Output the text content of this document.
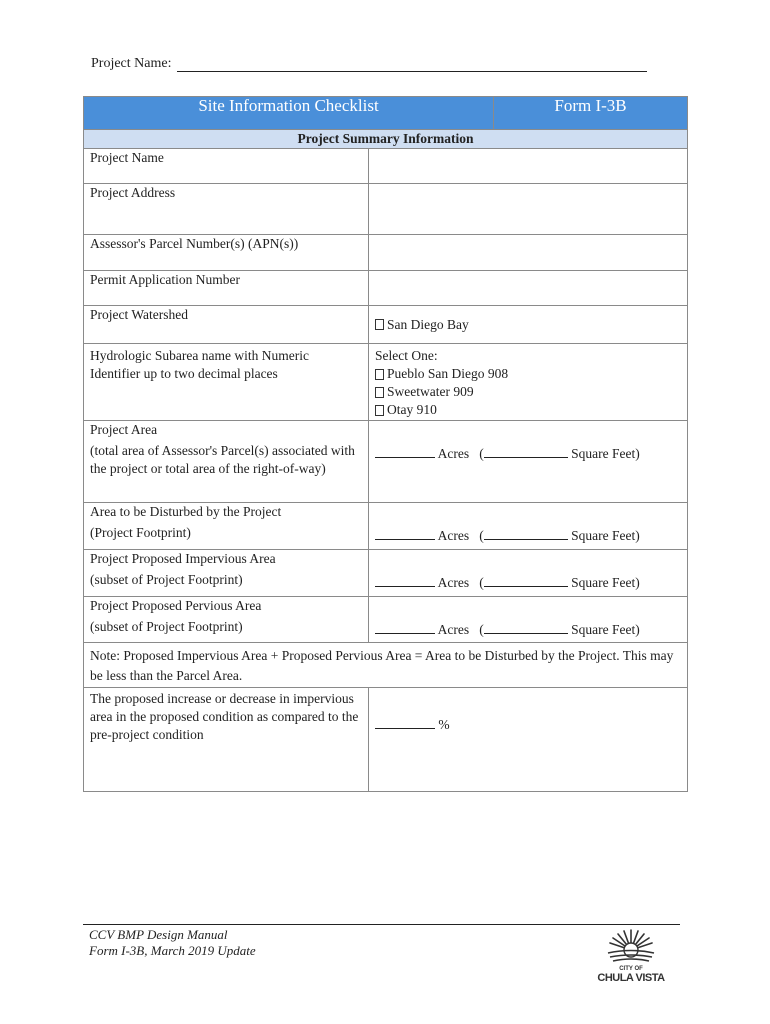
Project Name:
Site Information Checklist		Form I-3B
Project Summary Information		
Project Name		
Project Address		
Assessor's Parcel Number(s) (APN(s))		
Permit Application Number		
Project Watershed	San Diego Bay	

Hydrologic Subarea name with Numeric Identifier up to two decimal places	Select One:
Pueblo San Diego 908
Sweetwater 909
Otay 910	

Project Area
(total area of Assessor's Parcel(s) associated with the project or total area of the right-of-way)	Acres ( Square Feet)	

Area to be Disturbed by the Project
(Project Footprint)	Acres ( Square Feet)	

Project Proposed Impervious Area
(subset of Project Footprint)	Acres ( Square Feet)	

Project Proposed Pervious Area
(subset of Project Footprint)	Acres ( Square Feet)	
Note: Proposed Impervious Area + Proposed Pervious Area = Area to be Disturbed by the Project. This may be less than the Parcel Area.		
The proposed increase or decrease in impervious area in the proposed condition as compared to the pre-project condition	%	
CCV BMP Design Manual
Form I-3B, March 2019 Update
CITY OF
CHULA VISTA
